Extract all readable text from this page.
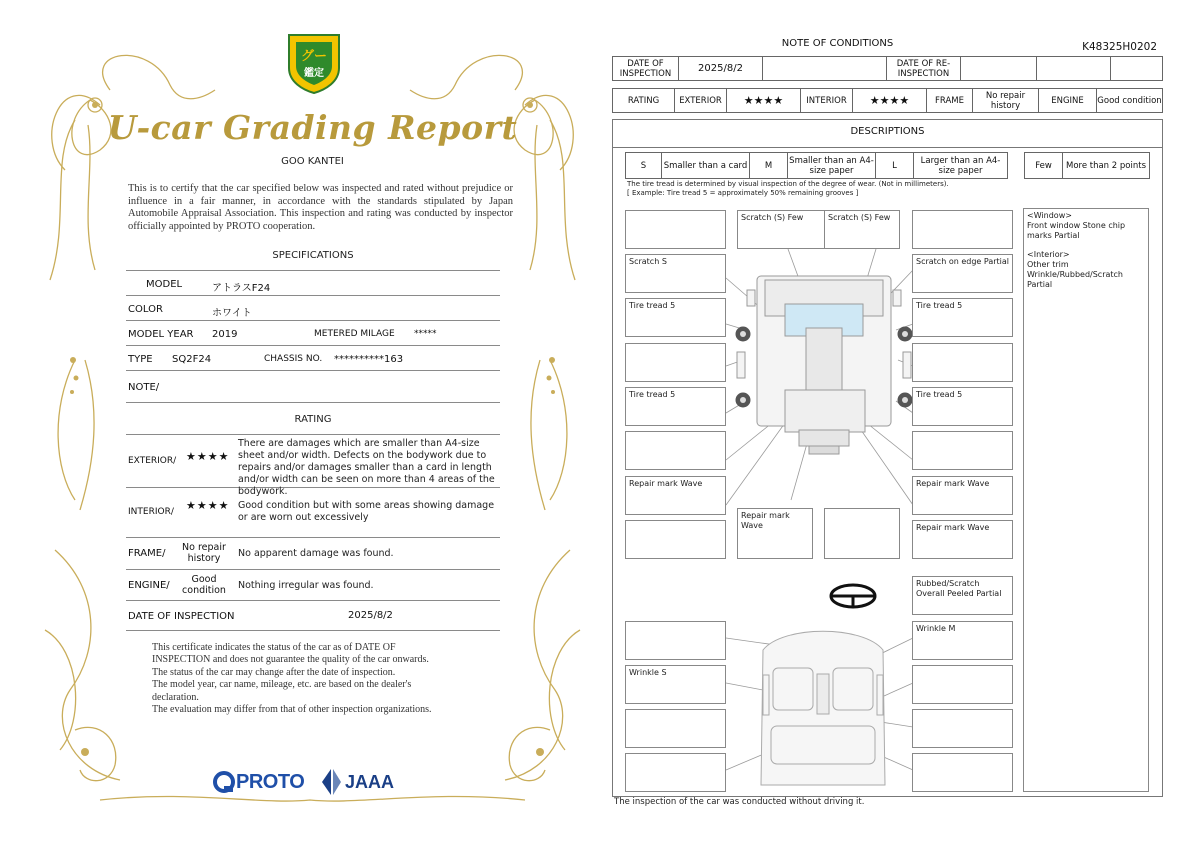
グー
鑑定
U-car Grading Report
GOO KANTEI
This is to certify that the car specified below was inspected and rated without prejudice or influence in a fair manner, in accordance with the standards stipulated by Japan Automobile Appraisal Association. This inspection and rating was conducted by inspector officially appointed by PROTO cooperation.
SPECIFICATIONS
MODEL	アトラスF24
COLOR	ホワイト
MODEL YEAR 2019	METERED MILAGE *****
TYPE SQ2F24	CHASSIS NO. **********163
NOTE/
RATING
EXTERIOR/ ★★★★
There are damages which are smaller than A4-size sheet and/or width. Defects on the bodywork due to repairs and/or damages smaller than a card in length and/or width can be seen on more than 4 areas of the bodywork.
INTERIOR/ ★★★★ Good condition but with some areas showing damage or are worn out excessively
FRAME/
No repair history	No apparent damage was found.
ENGINE/
Good condition	Nothing irregular was found.
DATE OF INSPECTION	2025/8/2
This certificate indicates the status of the car as of DATE OF
INSPECTION and does not guarantee the quality of the car onwards.
The status of the car may change after the date of inspection.
The model year, car name, mileage, etc. are based on the dealer's
declaration.
The evaluation may differ from that of other inspection organizations.
PROTO JAAA
NOTE OF CONDITIONS	K48325H0202
DATE OF INSPECTION	2025/8/2	DATE OF RE-INSPECTION
RATING	EXTERIOR	★★★★	INTERIOR	★★★★	FRAME	No repair history	ENGINE	Good condition
DESCRIPTIONS
S	Smaller than a card	M	Smaller than an A4-size paper	L	Larger than an A4-size paper	Few	More than 2 points
The tire tread is determined by visual inspection of the degree of wear. (Not in millimeters).
[ Example: Tire tread 5 = approximately 50% remaining grooves ]
Scratch (S) Few	Scratch (S) Few
Scratch S
Tire tread 5
Tire tread 5
Repair mark Wave
Scratch on edge Partial
Tire tread 5
Tire tread 5
Repair mark Wave
Repair mark Wave
Repair mark Wave
Rubbed/Scratch Overall Peeled Partial
Wrinkle M
Wrinkle S
<Window>
Front window Stone chip marks Partial
<Interior>
Other trim Wrinkle/Rubbed/Scratch Partial
The inspection of the car was conducted without driving it.
